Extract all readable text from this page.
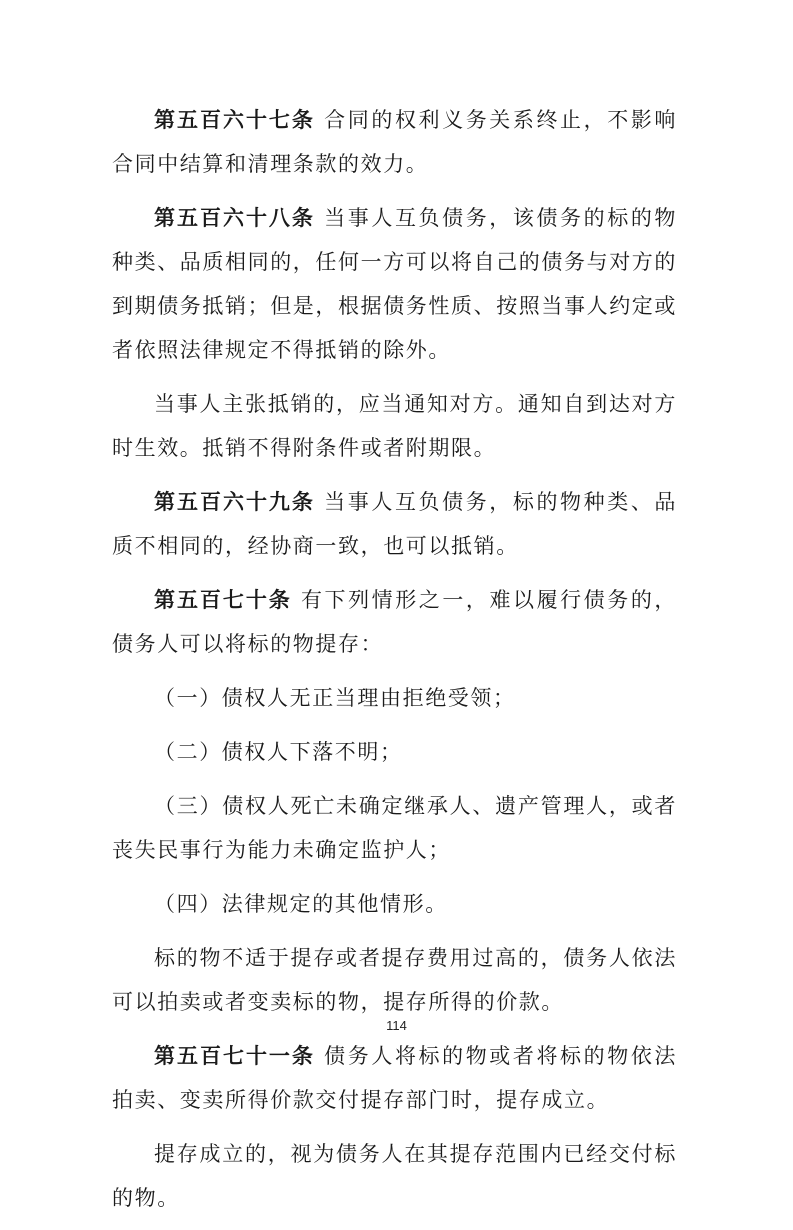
第五百六十七条 合同的权利义务关系终止，不影响合同中结算和清理条款的效力。

第五百六十八条 当事人互负债务，该债务的标的物种类、品质相同的，任何一方可以将自己的债务与对方的到期债务抵销；但是，根据债务性质、按照当事人约定或者依照法律规定不得抵销的除外。

当事人主张抵销的，应当通知对方。通知自到达对方时生效。抵销不得附条件或者附期限。

第五百六十九条 当事人互负债务，标的物种类、品质不相同的，经协商一致，也可以抵销。

第五百七十条 有下列情形之一，难以履行债务的，债务人可以将标的物提存：

（一）债权人无正当理由拒绝受领；

（二）债权人下落不明；

（三）债权人死亡未确定继承人、遗产管理人，或者丧失民事行为能力未确定监护人；

（四）法律规定的其他情形。

标的物不适于提存或者提存费用过高的，债务人依法可以拍卖或者变卖标的物，提存所得的价款。

第五百七十一条 债务人将标的物或者将标的物依法拍卖、变卖所得价款交付提存部门时，提存成立。

提存成立的，视为债务人在其提存范围内已经交付标的物。

114
